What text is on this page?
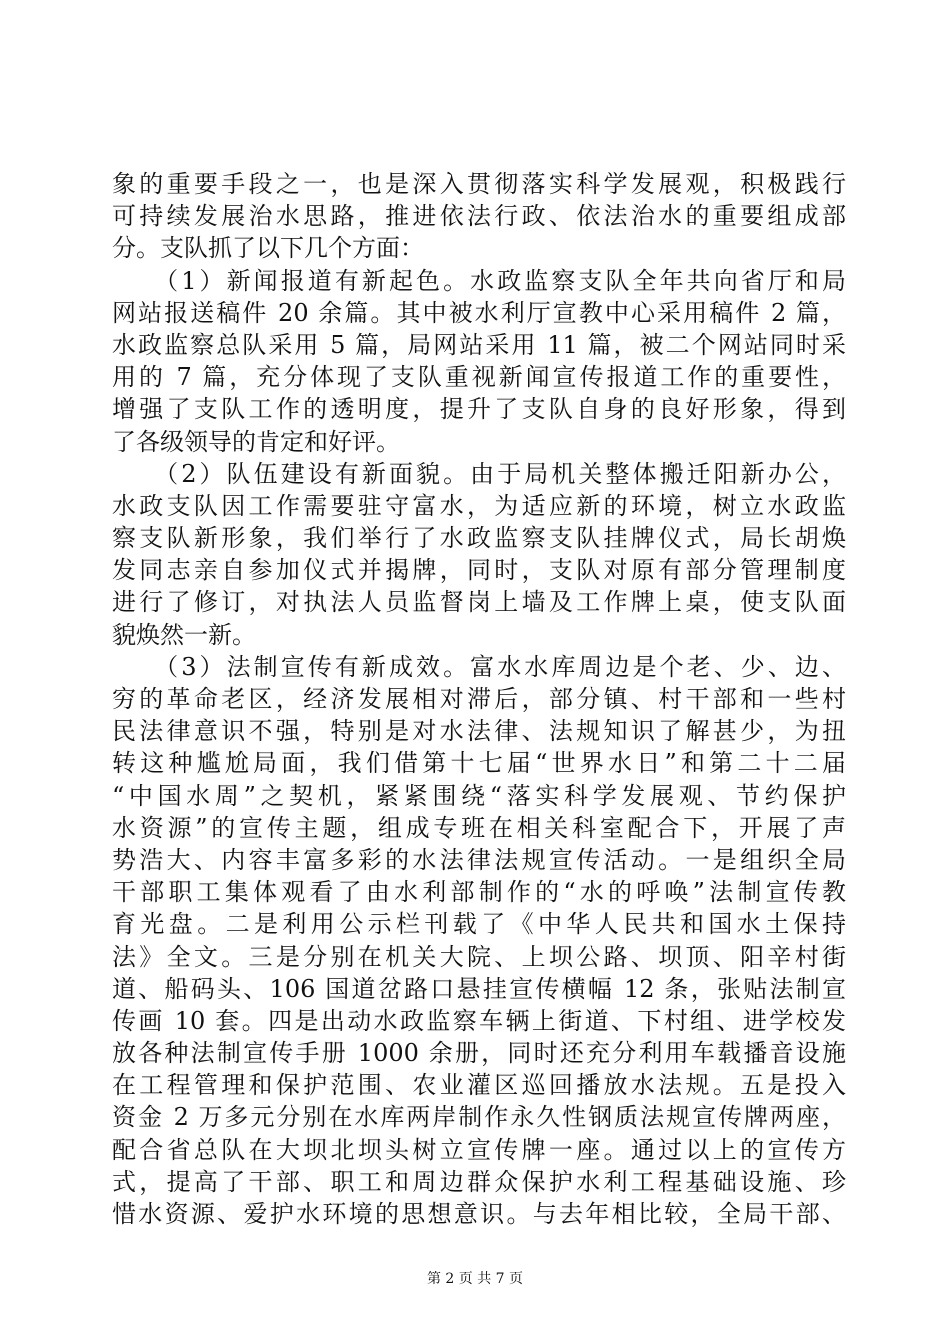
象的重要手段之一，也是深入贯彻落实科学发展观，积极践行
可持续发展治水思路，推进依法行政、依法治水的重要组成部
分。支队抓了以下几个方面：
　　（1）新闻报道有新起色。水政监察支队全年共向省厅和局
网站报送稿件 20 余篇。其中被水利厅宣教中心采用稿件 2 篇，
水政监察总队采用 5 篇，局网站采用 11 篇，被二个网站同时采
用的 7 篇，充分体现了支队重视新闻宣传报道工作的重要性，
增强了支队工作的透明度，提升了支队自身的良好形象，得到
了各级领导的肯定和好评。
　　（2）队伍建设有新面貌。由于局机关整体搬迁阳新办公，
水政支队因工作需要驻守富水，为适应新的环境，树立水政监
察支队新形象，我们举行了水政监察支队挂牌仪式，局长胡焕
发同志亲自参加仪式并揭牌，同时，支队对原有部分管理制度
进行了修订，对执法人员监督岗上墙及工作牌上桌，使支队面
貌焕然一新。
　　（3）法制宣传有新成效。富水水库周边是个老、少、边、
穷的革命老区，经济发展相对滞后，部分镇、村干部和一些村
民法律意识不强，特别是对水法律、法规知识了解甚少，为扭
转这种尴尬局面，我们借第十七届“世界水日”和第二十二届
“中国水周”之契机，紧紧围绕“落实科学发展观、节约保护
水资源”的宣传主题，组成专班在相关科室配合下，开展了声
势浩大、内容丰富多彩的水法律法规宣传活动。一是组织全局
干部职工集体观看了由水利部制作的“水的呼唤”法制宣传教
育光盘。二是利用公示栏刊载了《中华人民共和国水土保持
法》全文。三是分别在机关大院、上坝公路、坝顶、阳辛村街
道、船码头、106 国道岔路口悬挂宣传横幅 12 条，张贴法制宣
传画 10 套。四是出动水政监察车辆上街道、下村组、进学校发
放各种法制宣传手册 1000 余册，同时还充分利用车载播音设施
在工程管理和保护范围、农业灌区巡回播放水法规。五是投入
资金 2 万多元分别在水库两岸制作永久性钢质法规宣传牌两座，
配合省总队在大坝北坝头树立宣传牌一座。通过以上的宣传方
式，提高了干部、职工和周边群众保护水利工程基础设施、珍
惜水资源、爱护水环境的思想意识。与去年相比较，全局干部、
第 2 页 共 7 页
